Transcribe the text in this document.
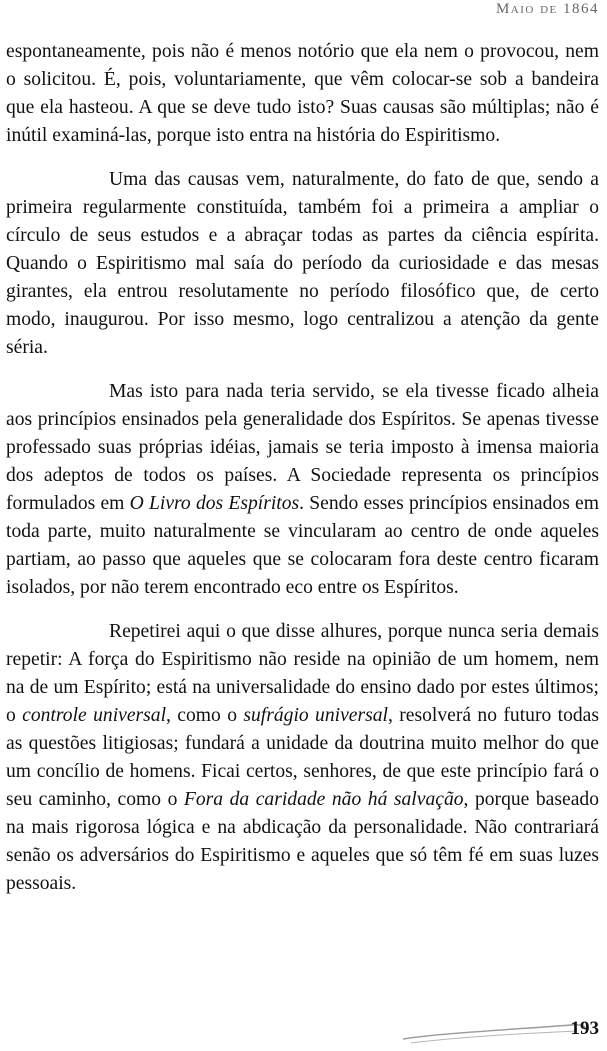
Maio de 1864

espontaneamente, pois não é menos notório que ela nem o provocou, nem o solicitou. É, pois, voluntariamente, que vêm colocar-se sob a bandeira que ela hasteou. A que se deve tudo isto? Suas causas são múltiplas; não é inútil examiná-las, porque isto entra na história do Espiritismo.

Uma das causas vem, naturalmente, do fato de que, sendo a primeira regularmente constituída, também foi a primeira a ampliar o círculo de seus estudos e a abraçar todas as partes da ciência espírita. Quando o Espiritismo mal saía do período da curiosidade e das mesas girantes, ela entrou resolutamente no período filosófico que, de certo modo, inaugurou. Por isso mesmo, logo centralizou a atenção da gente séria.

Mas isto para nada teria servido, se ela tivesse ficado alheia aos princípios ensinados pela generalidade dos Espíritos. Se apenas tivesse professado suas próprias idéias, jamais se teria imposto à imensa maioria dos adeptos de todos os países. A Sociedade representa os princípios formulados em O Livro dos Espíritos. Sendo esses princípios ensinados em toda parte, muito naturalmente se vincularam ao centro de onde aqueles partiam, ao passo que aqueles que se colocaram fora deste centro ficaram isolados, por não terem encontrado eco entre os Espíritos.

Repetirei aqui o que disse alhures, porque nunca seria demais repetir: A força do Espiritismo não reside na opinião de um homem, nem na de um Espírito; está na universalidade do ensino dado por estes últimos; o controle universal, como o sufrágio universal, resolverá no futuro todas as questões litigiosas; fundará a unidade da doutrina muito melhor do que um concílio de homens. Ficai certos, senhores, de que este princípio fará o seu caminho, como o Fora da caridade não há salvação, porque baseado na mais rigorosa lógica e na abdicação da personalidade. Não contrariará senão os adversários do Espiritismo e aqueles que só têm fé em suas luzes pessoais.

193
